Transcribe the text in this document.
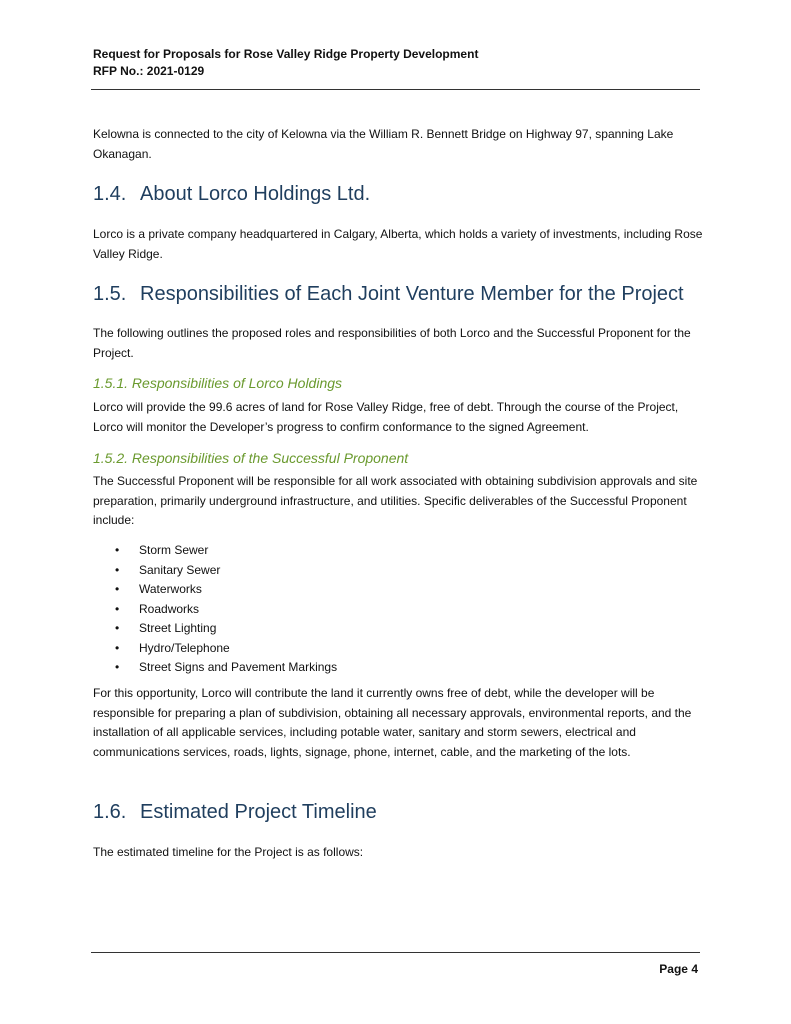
Request for Proposals for Rose Valley Ridge Property Development
RFP No.: 2021-0129
Kelowna is connected to the city of Kelowna via the William R. Bennett Bridge on Highway 97, spanning Lake Okanagan.
1.4. About Lorco Holdings Ltd.
Lorco is a private company headquartered in Calgary, Alberta, which holds a variety of investments, including Rose Valley Ridge.
1.5. Responsibilities of Each Joint Venture Member for the Project
The following outlines the proposed roles and responsibilities of both Lorco and the Successful Proponent for the Project.
1.5.1. Responsibilities of Lorco Holdings
Lorco will provide the 99.6 acres of land for Rose Valley Ridge, free of debt. Through the course of the Project, Lorco will monitor the Developer’s progress to confirm conformance to the signed Agreement.
1.5.2. Responsibilities of the Successful Proponent
The Successful Proponent will be responsible for all work associated with obtaining subdivision approvals and site preparation, primarily underground infrastructure, and utilities. Specific deliverables of the Successful Proponent include:
• Storm Sewer
• Sanitary Sewer
• Waterworks
• Roadworks
• Street Lighting
• Hydro/Telephone
• Street Signs and Pavement Markings
For this opportunity, Lorco will contribute the land it currently owns free of debt, while the developer will be responsible for preparing a plan of subdivision, obtaining all necessary approvals, environmental reports, and the installation of all applicable services, including potable water, sanitary and storm sewers, electrical and communications services, roads, lights, signage, phone, internet, cable, and the marketing of the lots.
1.6. Estimated Project Timeline
The estimated timeline for the Project is as follows:
Page 4
